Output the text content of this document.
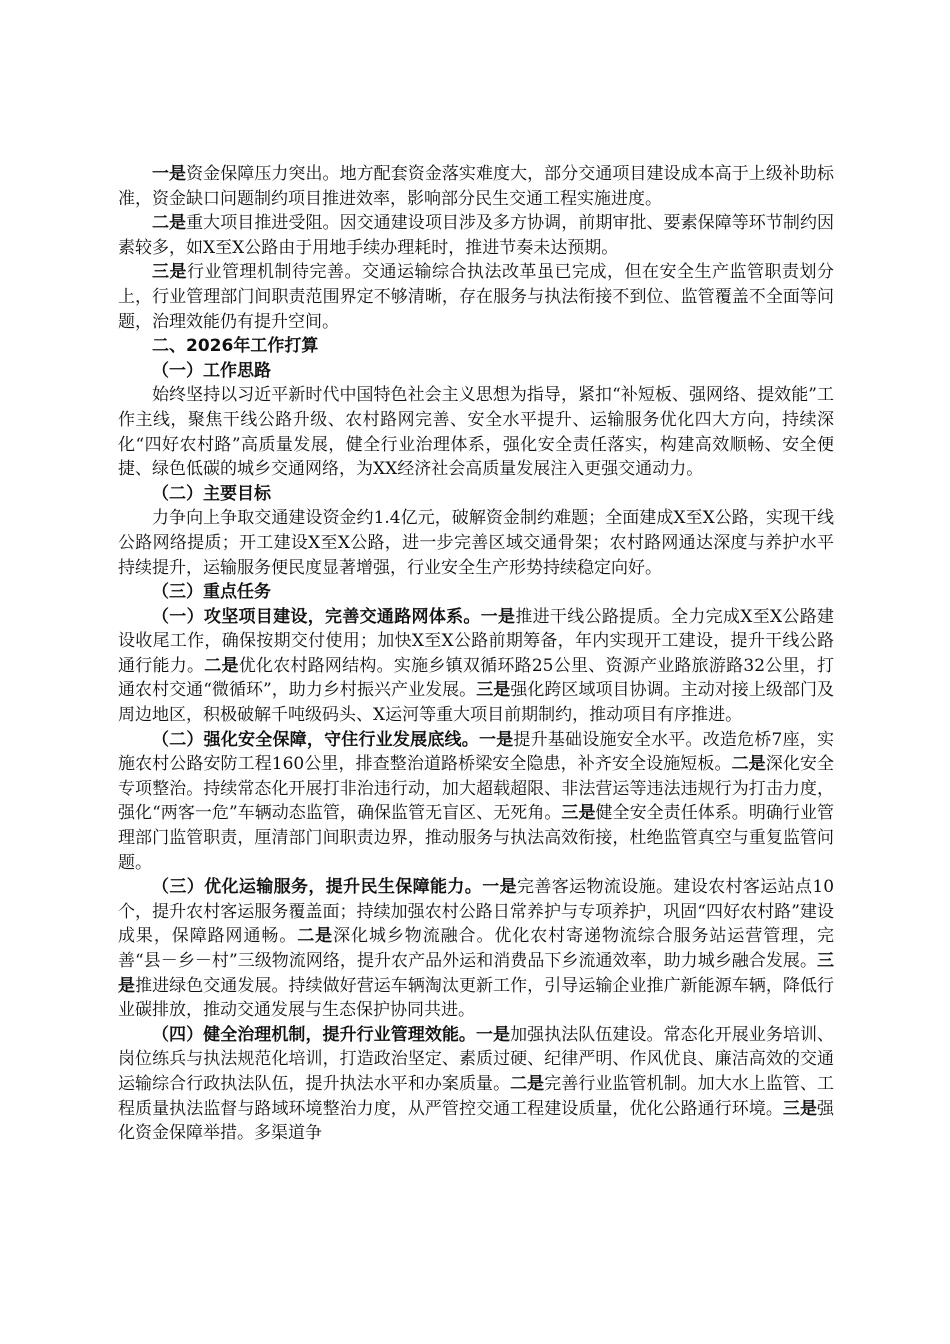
一是资金保障压力突出。地方配套资金落实难度大，部分交通项目建设成本高于上级补助标准，资金缺口问题制约项目推进效率，影响部分民生交通工程实施进度。

二是重大项目推进受阻。因交通建设项目涉及多方协调，前期审批、要素保障等环节制约因素较多，如X至X公路由于用地手续办理耗时，推进节奏未达预期。

三是行业管理机制待完善。交通运输综合执法改革虽已完成，但在安全生产监管职责划分上，行业管理部门间职责范围界定不够清晰，存在服务与执法衔接不到位、监管覆盖不全面等问题，治理效能仍有提升空间。

二、2026年工作打算

（一）工作思路

始终坚持以习近平新时代中国特色社会主义思想为指导，紧扣“补短板、强网络、提效能”工作主线，聚焦干线公路升级、农村路网完善、安全水平提升、运输服务优化四大方向，持续深化“四好农村路”高质量发展，健全行业治理体系，强化安全责任落实，构建高效顺畅、安全便捷、绿色低碳的城乡交通网络，为XX经济社会高质量发展注入更强交通动力。

（二）主要目标

力争向上争取交通建设资金约1.4亿元，破解资金制约难题；全面建成X至X公路，实现干线公路网络提质；开工建设X至X公路，进一步完善区域交通骨架；农村路网通达深度与养护水平持续提升，运输服务便民度显著增强，行业安全生产形势持续稳定向好。

（三）重点任务

（一）攻坚项目建设，完善交通路网体系。一是推进干线公路提质。全力完成X至X公路建设收尾工作，确保按期交付使用；加快X至X公路前期筹备，年内实现开工建设，提升干线公路通行能力。二是优化农村路网结构。实施乡镇双循环路25公里、资源产业路旅游路32公里，打通农村交通“微循环”，助力乡村振兴产业发展。三是强化跨区域项目协调。主动对接上级部门及周边地区，积极破解千吨级码头、X运河等重大项目前期制约，推动项目有序推进。

（二）强化安全保障，守住行业发展底线。一是提升基础设施安全水平。改造危桥7座，实施农村公路安防工程160公里，排查整治道路桥梁安全隐患，补齐安全设施短板。二是深化安全专项整治。持续常态化开展打非治违行动，加大超载超限、非法营运等违法违规行为打击力度，强化“两客一危”车辆动态监管，确保监管无盲区、无死角。三是健全安全责任体系。明确行业管理部门监管职责，厘清部门间职责边界，推动服务与执法高效衔接，杜绝监管真空与重复监管问题。

（三）优化运输服务，提升民生保障能力。一是完善客运物流设施。建设农村客运站点10个，提升农村客运服务覆盖面；持续加强农村公路日常养护与专项养护，巩固“四好农村路”建设成果，保障路网通畅。二是深化城乡物流融合。优化农村寄递物流综合服务站运营管理，完善“县－乡－村”三级物流网络，提升农产品外运和消费品下乡流通效率，助力城乡融合发展。三是推进绿色交通发展。持续做好营运车辆淘汰更新工作，引导运输企业推广新能源车辆，降低行业碳排放，推动交通发展与生态保护协同共进。

（四）健全治理机制，提升行业管理效能。一是加强执法队伍建设。常态化开展业务培训、岗位练兵与执法规范化培训，打造政治坚定、素质过硬、纪律严明、作风优良、廉洁高效的交通运输综合行政执法队伍，提升执法水平和办案质量。二是完善行业监管机制。加大水上监管、工程质量执法监督与路域环境整治力度，从严管控交通工程建设质量，优化公路通行环境。三是强化资金保障举措。多渠道争
